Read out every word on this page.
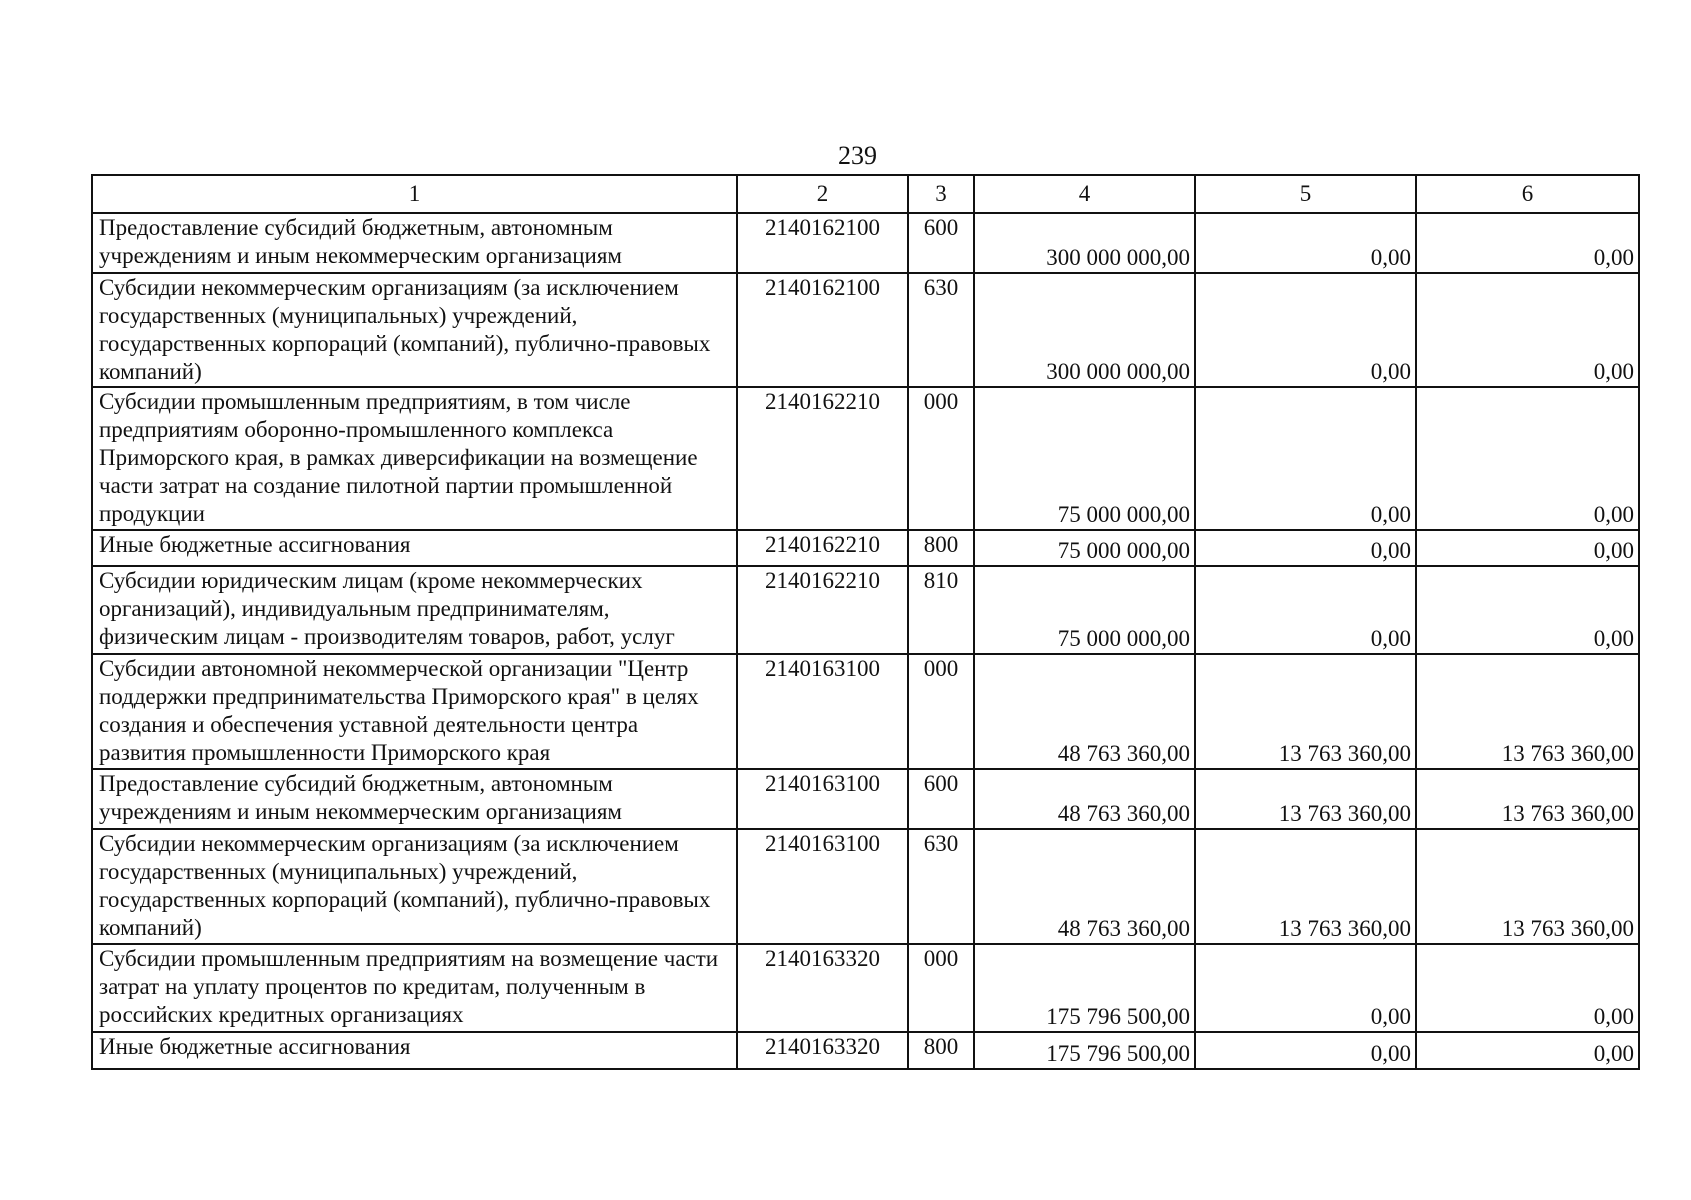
239
1	2	3	4	5	6
Предоставление субсидий бюджетным, автономным учреждениям и иным некоммерческим организациям	2140162100	600	300 000 000,00	0,00	0,00
Субсидии некоммерческим организациям (за исключением государственных (муниципальных) учреждений, государственных корпораций (компаний), публично-правовых компаний)	2140162100	630	300 000 000,00	0,00	0,00
Субсидии промышленным предприятиям, в том числе предприятиям оборонно-промышленного комплекса Приморского края, в рамках диверсификации на возмещение части затрат на создание пилотной партии промышленной продукции	2140162210	000	75 000 000,00	0,00	0,00
Иные бюджетные ассигнования	2140162210	800	75 000 000,00	0,00	0,00
Субсидии юридическим лицам (кроме некоммерческих организаций), индивидуальным предпринимателям, физическим лицам - производителям товаров, работ, услуг	2140162210	810	75 000 000,00	0,00	0,00
Субсидии автономной некоммерческой организации "Центр поддержки предпринимательства Приморского края" в целях создания и обеспечения уставной деятельности центра развития промышленности Приморского края	2140163100	000	48 763 360,00	13 763 360,00	13 763 360,00
Предоставление субсидий бюджетным, автономным учреждениям и иным некоммерческим организациям	2140163100	600	48 763 360,00	13 763 360,00	13 763 360,00
Субсидии некоммерческим организациям (за исключением государственных (муниципальных) учреждений, государственных корпораций (компаний), публично-правовых компаний)	2140163100	630	48 763 360,00	13 763 360,00	13 763 360,00
Субсидии промышленным предприятиям на возмещение части затрат на уплату процентов по кредитам, полученным в российских кредитных организациях	2140163320	000	175 796 500,00	0,00	0,00
Иные бюджетные ассигнования	2140163320	800	175 796 500,00	0,00	0,00
